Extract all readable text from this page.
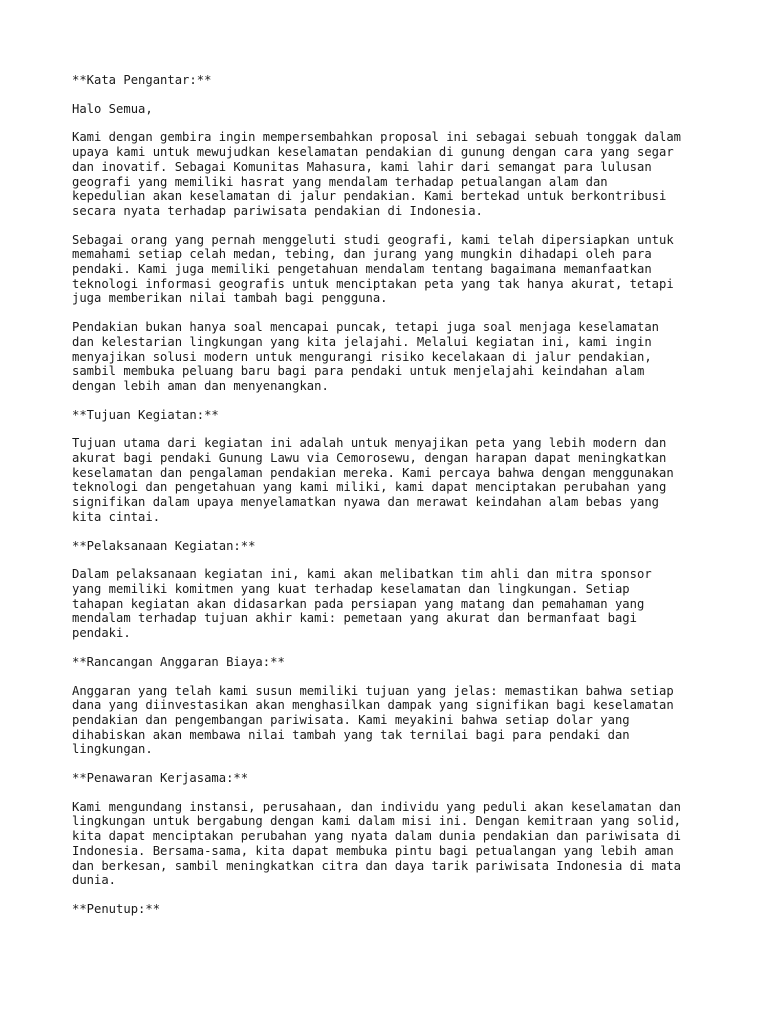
**Kata Pengantar:**

Halo Semua,

Kami dengan gembira ingin mempersembahkan proposal ini sebagai sebuah tonggak dalam
upaya kami untuk mewujudkan keselamatan pendakian di gunung dengan cara yang segar
dan inovatif. Sebagai Komunitas Mahasura, kami lahir dari semangat para lulusan
geografi yang memiliki hasrat yang mendalam terhadap petualangan alam dan
kepedulian akan keselamatan di jalur pendakian. Kami bertekad untuk berkontribusi
secara nyata terhadap pariwisata pendakian di Indonesia.

Sebagai orang yang pernah menggeluti studi geografi, kami telah dipersiapkan untuk
memahami setiap celah medan, tebing, dan jurang yang mungkin dihadapi oleh para
pendaki. Kami juga memiliki pengetahuan mendalam tentang bagaimana memanfaatkan
teknologi informasi geografis untuk menciptakan peta yang tak hanya akurat, tetapi
juga memberikan nilai tambah bagi pengguna.

Pendakian bukan hanya soal mencapai puncak, tetapi juga soal menjaga keselamatan
dan kelestarian lingkungan yang kita jelajahi. Melalui kegiatan ini, kami ingin
menyajikan solusi modern untuk mengurangi risiko kecelakaan di jalur pendakian,
sambil membuka peluang baru bagi para pendaki untuk menjelajahi keindahan alam
dengan lebih aman dan menyenangkan.

**Tujuan Kegiatan:**

Tujuan utama dari kegiatan ini adalah untuk menyajikan peta yang lebih modern dan
akurat bagi pendaki Gunung Lawu via Cemorosewu, dengan harapan dapat meningkatkan
keselamatan dan pengalaman pendakian mereka. Kami percaya bahwa dengan menggunakan
teknologi dan pengetahuan yang kami miliki, kami dapat menciptakan perubahan yang
signifikan dalam upaya menyelamatkan nyawa dan merawat keindahan alam bebas yang
kita cintai.

**Pelaksanaan Kegiatan:**

Dalam pelaksanaan kegiatan ini, kami akan melibatkan tim ahli dan mitra sponsor
yang memiliki komitmen yang kuat terhadap keselamatan dan lingkungan. Setiap
tahapan kegiatan akan didasarkan pada persiapan yang matang dan pemahaman yang
mendalam terhadap tujuan akhir kami: pemetaan yang akurat dan bermanfaat bagi
pendaki.

**Rancangan Anggaran Biaya:**

Anggaran yang telah kami susun memiliki tujuan yang jelas: memastikan bahwa setiap
dana yang diinvestasikan akan menghasilkan dampak yang signifikan bagi keselamatan
pendakian dan pengembangan pariwisata. Kami meyakini bahwa setiap dolar yang
dihabiskan akan membawa nilai tambah yang tak ternilai bagi para pendaki dan
lingkungan.

**Penawaran Kerjasama:**

Kami mengundang instansi, perusahaan, dan individu yang peduli akan keselamatan dan
lingkungan untuk bergabung dengan kami dalam misi ini. Dengan kemitraan yang solid,
kita dapat menciptakan perubahan yang nyata dalam dunia pendakian dan pariwisata di
Indonesia. Bersama-sama, kita dapat membuka pintu bagi petualangan yang lebih aman
dan berkesan, sambil meningkatkan citra dan daya tarik pariwisata Indonesia di mata
dunia.

**Penutup:**
